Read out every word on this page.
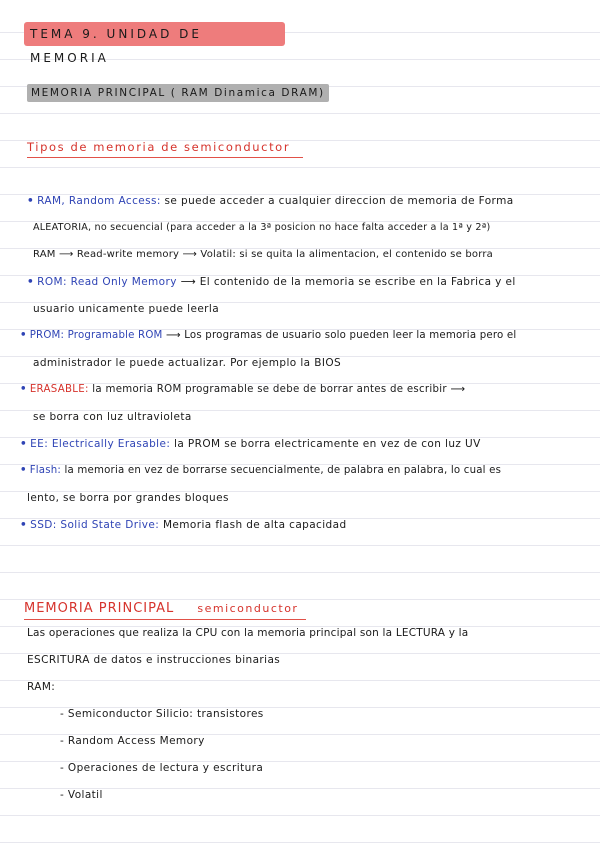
TEMA 9. UNIDAD DE MEMORIA
MEMORIA PRINCIPAL ( RAM Dinamica DRAM)
Tipos de memoria de semiconductor
• RAM, Random Access: se puede acceder a cualquier direccion de memoria de Forma
ALEATORIA, no secuencial (para acceder a la 3ª posicion no hace falta acceder a la 1ª y 2ª)
RAM ⟶ Read-write memory ⟶ Volatil: si se quita la alimentacion, el contenido se borra
• ROM: Read Only Memory ⟶ El contenido de la memoria se escribe en la Fabrica y el
usuario unicamente puede leerla
• PROM: Programable ROM ⟶ Los programas de usuario solo pueden leer la memoria pero el
administrador le puede actualizar. Por ejemplo la BIOS
• ERASABLE: la memoria ROM programable se debe de borrar antes de escribir ⟶
se borra con luz ultravioleta
• EE: Electrically Erasable: la PROM se borra electricamente en vez de con luz UV
• Flash: la memoria en vez de borrarse secuencialmente, de palabra en palabra, lo cual es
lento, se borra por grandes bloques
• SSD: Solid State Drive: Memoria flash de alta capacidad
MEMORIA PRINCIPAL semiconductor
Las operaciones que realiza la CPU con la memoria principal son la LECTURA y la
ESCRITURA de datos e instrucciones binarias
RAM:
- Semiconductor Silicio: transistores
- Random Access Memory
- Operaciones de lectura y escritura
- Volatil
